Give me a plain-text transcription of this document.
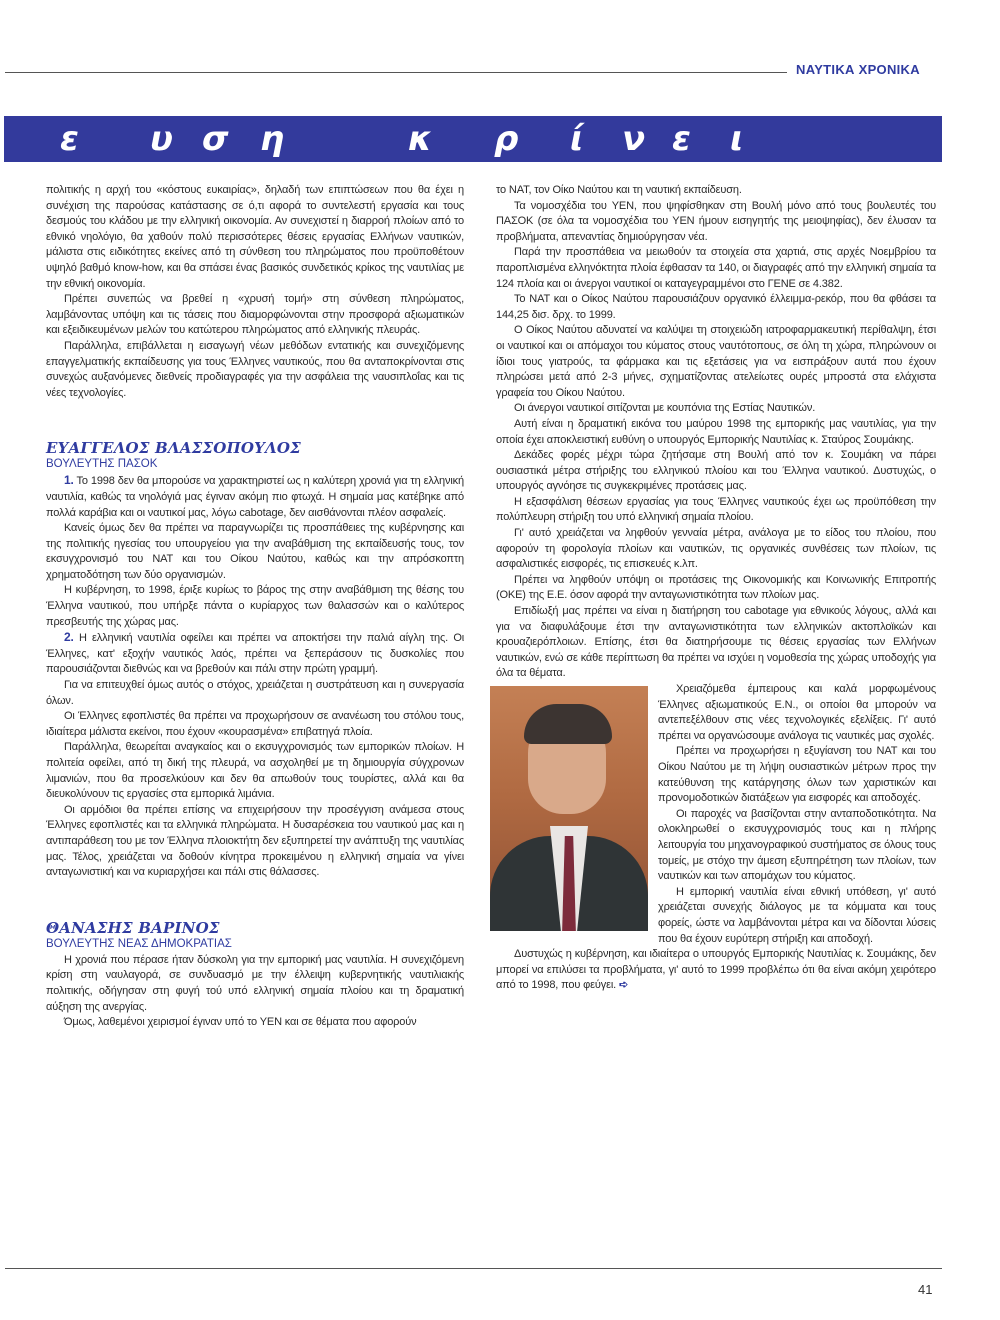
ΝΑΥΤΙΚΑ ΧΡΟΝΙΚΑ
ε υ σ η	κ ρ ί ν ε ι

πολιτικής η αρχή του «κόστους ευκαιρίας», δηλαδή των επιπτώσεων που θα έχει η συνέχιση της παρούσας κατάστασης σε ό,τι αφορά το συντελεστή εργασία και τους δεσμούς του κλάδου με την ελληνική οικονομία. Αν συνεχιστεί η διαρροή πλοίων από το εθνικό νηολόγιο, θα χαθούν πολύ περισσότερες θέσεις εργασίας Ελλήνων ναυτικών, μάλιστα στις ειδικότητες εκείνες από τη σύνθεση του πληρώματος που προϋποθέτουν υψηλό βαθμό know-how, και θα σπάσει ένας βασικός συνδετικός κρίκος της ναυτιλίας με την εθνική οικονομία.

Πρέπει συνεπώς να βρεθεί η «χρυσή τομή» στη σύνθεση πληρώματος, λαμβάνοντας υπόψη και τις τάσεις που διαμορφώνονται στην προσφορά αξιωματικών και εξειδικευμένων μελών του κατώτερου πληρώματος από ελληνικής πλευράς.

Παράλληλα, επιβάλλεται η εισαγωγή νέων μεθόδων εντατικής και συνεχιζόμενης επαγγελματικής εκπαίδευσης για τους Έλληνες ναυτικούς, που θα ανταποκρίνονται στις συνεχώς αυξανόμενες διεθνείς προδιαγραφές για την ασφάλεια της ναυσιπλοΐας και τις νέες τεχνολογίες.

ΕΥΑΓΓΕΛΟΣ ΒΛΑΣΣΟΠΟΥΛΟΣ
ΒΟΥΛΕΥΤΗΣ ΠΑΣΟΚ

1. Το 1998 δεν θα μπορούσε να χαρακτηριστεί ως η καλύτερη χρονιά για τη ελληνική ναυτιλία, καθώς τα νηολόγιά μας έγιναν ακόμη πιο φτωχά. Η σημαία μας κατέβηκε από πολλά καράβια και οι ναυτικοί μας, λόγω cabotage, δεν αισθάνονται πλέον ασφαλείς.

Κανείς όμως δεν θα πρέπει να παραγνωρίζει τις προσπάθειες της κυβέρνησης και της πολιτικής ηγεσίας του υπουργείου για την αναβάθμιση της εκπαίδευσής τους, τον εκσυγχρονισμό του ΝΑΤ και του Οίκου Ναύτου, καθώς και την απρόσκοπτη χρηματοδότηση των δύο οργανισμών.

Η κυβέρνηση, το 1998, έριξε κυρίως το βάρος της στην αναβάθμιση της θέσης του Έλληνα ναυτικού, που υπήρξε πάντα ο κυρίαρχος των θαλασσών και ο καλύτερος πρεσβευτής της χώρας μας.

2. Η ελληνική ναυτιλία οφείλει και πρέπει να αποκτήσει την παλιά αίγλη της. Οι Έλληνες, κατ' εξοχήν ναυτικός λαός, πρέπει να ξεπεράσουν τις δυσκολίες που παρουσιάζονται διεθνώς και να βρεθούν και πάλι στην πρώτη γραμμή.

Για να επιτευχθεί όμως αυτός ο στόχος, χρειάζεται η συστράτευση και η συνεργασία όλων.

Οι Έλληνες εφοπλιστές θα πρέπει να προχωρήσουν σε ανανέωση του στόλου τους, ιδιαίτερα μάλιστα εκείνοι, που έχουν «κουρασμένα» επιβατηγά πλοία.

Παράλληλα, θεωρείται αναγκαίος και ο εκσυγχρονισμός των εμπορικών πλοίων. Η πολιτεία οφείλει, από τη δική της πλευρά, να ασχοληθεί με τη δημιουργία σύγχρονων λιμανιών, που θα προσελκύουν και δεν θα απωθούν τους τουρίστες, αλλά και θα διευκολύνουν τις εργασίες στα εμπορικά λιμάνια.

Οι αρμόδιοι θα πρέπει επίσης να επιχειρήσουν την προσέγγιση ανάμεσα στους Έλληνες εφοπλιστές και τα ελληνικά πληρώματα. Η δυσαρέσκεια του ναυτικού μας και η αντιπαράθεση του με τον Έλληνα πλοιοκτήτη δεν εξυπηρετεί την ανάπτυξη της ναυτιλίας μας. Τέλος, χρειάζεται να δοθούν κίνητρα προκειμένου η ελληνική σημαία να γίνει ανταγωνιστική και να κυριαρχήσει και πάλι στις θάλασσες.

ΘΑΝΑΣΗΣ ΒΑΡΙΝΟΣ
ΒΟΥΛΕΥΤΗΣ ΝΕΑΣ ΔΗΜΟΚΡΑΤΙΑΣ

Η χρονιά που πέρασε ήταν δύσκολη για την εμπορική μας ναυτιλία. Η συνεχιζόμενη κρίση στη ναυλαγορά, σε συνδυασμό με την έλλειψη κυβερνητικής ναυτιλιακής πολιτικής, οδήγησαν στη φυγή τού υπό ελληνική σημαία πλοίου και τη δραματική αύξηση της ανεργίας.

Όμως, λαθεμένοι χειρισμοί έγιναν υπό το ΥΕΝ και σε θέματα που αφορούν

το ΝΑΤ, τον Οίκο Ναύτου και τη ναυτική εκπαίδευση.

Τα νομοσχέδια του ΥΕΝ, που ψηφίσθηκαν στη Βουλή μόνο από τους βουλευτές του ΠΑΣΟΚ (σε όλα τα νομοσχέδια του ΥΕΝ ήμουν εισηγητής της μειοψηφίας), δεν έλυσαν τα προβλήματα, απεναντίας δημιούργησαν νέα.

Παρά την προσπάθεια να μειωθούν τα στοιχεία στα χαρτιά, στις αρχές Νοεμβρίου τα παροπλισμένα ελληνόκτητα πλοία έφθασαν τα 140, οι διαγραφές από την ελληνική σημαία τα 124 πλοία και οι άνεργοι ναυτικοί οι καταγεγραμμένοι στο ΓΕΝΕ σε 4.382.

Το ΝΑΤ και ο Οίκος Ναύτου παρουσιάζουν οργανικό έλλειμμα-ρεκόρ, που θα φθάσει τα 144,25 δισ. δρχ. το 1999.

Ο Οίκος Ναύτου αδυνατεί να καλύψει τη στοιχειώδη ιατροφαρμακευτική περίθαλψη, έτσι οι ναυτικοί και οι απόμαχοι του κύματος στους ναυτότοπους, σε όλη τη χώρα, πληρώνουν οι ίδιοι τους γιατρούς, τα φάρμακα και τις εξετάσεις για να εισπράξουν αυτά που έχουν πληρώσει μετά από 2-3 μήνες, σχηματίζοντας ατελείωτες ουρές μπροστά στα ελάχιστα γραφεία του Οίκου Ναύτου.

Οι άνεργοι ναυτικοί σιτίζονται με κουπόνια της Εστίας Ναυτικών.

Αυτή είναι η δραματική εικόνα του μαύρου 1998 της εμπορικής μας ναυτιλίας, για την οποία έχει αποκλειστική ευθύνη ο υπουργός Εμπορικής Ναυτιλίας κ. Σταύρος Σουμάκης.

Δεκάδες φορές μέχρι τώρα ζητήσαμε στη Βουλή από τον κ. Σουμάκη να πάρει ουσιαστικά μέτρα στήριξης του ελληνικού πλοίου και του Έλληνα ναυτικού. Δυστυχώς, ο υπουργός αγνόησε τις συγκεκριμένες προτάσεις μας.

Η εξασφάλιση θέσεων εργασίας για τους Έλληνες ναυτικούς έχει ως προϋπόθεση την πολύπλευρη στήριξη του υπό ελληνική σημαία πλοίου.

Γι' αυτό χρειάζεται να ληφθούν γενναία μέτρα, ανάλογα με το είδος του πλοίου, που αφορούν τη φορολογία πλοίων και ναυτικών, τις οργανικές συνθέσεις των πλοίων, τις ασφαλιστικές εισφορές, τις επισκευές κ.λπ.

Πρέπει να ληφθούν υπόψη οι προτάσεις της Οικονομικής και Κοινωνικής Επιτροπής (ΟΚΕ) της Ε.Ε. όσον αφορά την ανταγωνιστικότητα των πλοίων μας.

Επιδίωξή μας πρέπει να είναι η διατήρηση του cabotage για εθνικούς λόγους, αλλά και για να διαφυλάξουμε έτσι την ανταγωνιστικότητα των ελληνικών ακτοπλοϊκών και κρουαζιερόπλοιων. Επίσης, έτσι θα διατηρήσουμε τις θέσεις εργασίας των Ελλήνων ναυτικών, ενώ σε κάθε περίπτωση θα πρέπει να ισχύει η νομοθεσία της χώρας υποδοχής για όλα τα θέματα.

Χρειαζόμεθα έμπειρους και καλά μορφωμένους Έλληνες αξιωματικούς Ε.Ν., οι οποίοι θα μπορούν να αντεπεξέλθουν στις νέες τεχνολογικές εξελίξεις. Γι' αυτό πρέπει να οργανώσουμε ανάλογα τις ναυτικές μας σχολές.

Πρέπει να προχωρήσει η εξυγίανση του ΝΑΤ και του Οίκου Ναύτου με τη λήψη ουσιαστικών μέτρων προς την κατεύθυνση της κατάργησης όλων των χαριστικών και προνομοδοτικών διατάξεων για εισφορές και αποδοχές.

Οι παροχές να βασίζονται στην ανταποδοτικότητα. Να ολοκληρωθεί ο εκσυγχρονισμός τους και η πλήρης λειτουργία του μηχανογραφικού συστήματος σε όλους τους τομείς, με στόχο την άμεση εξυπηρέτηση των πλοίων, των ναυτικών και των απομάχων του κύματος.

Η εμπορική ναυτιλία είναι εθνική υπόθεση, γι' αυτό χρειάζεται συνεχής διάλογος με τα κόμματα και τους φορείς, ώστε να λαμβάνονται μέτρα και να δίδονται λύσεις που θα έχουν ευρύτερη στήριξη και αποδοχή.

Δυστυχώς η κυβέρνηση, και ιδιαίτερα ο υπουργός Εμπορικής Ναυτιλίας κ. Σουμάκης, δεν μπορεί να επιλύσει τα προβλήματα, γι' αυτό το 1999 προβλέπω ότι θα είναι ακόμη χειρότερο από το 1998, που φεύγει. ➪

41
